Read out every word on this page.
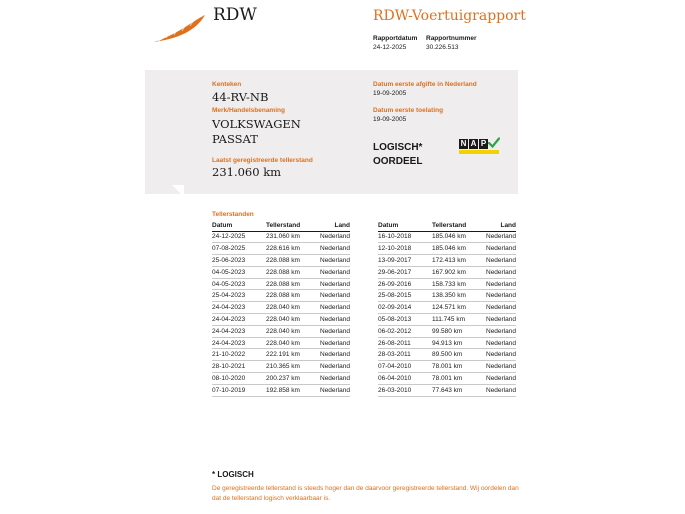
RDW	RDW-Voertuigrapport
Rapportdatum
24-12-2025
Rapportnummer
30.226.513
Kenteken
44-RV-NB
Merk/Handelsbenaming
VOLKSWAGEN
PASSAT
Laatst geregistreerde tellerstand
231.060 km
Datum eerste afgifte in Nederland
19-09-2005
Datum eerste toelating
19-09-2005
LOGISCH*
OORDEEL
N A P
Tellerstanden
Datum	Tellerstand	Land
24-12-2025	231.060 km	Nederland
07-08-2025	228.616 km	Nederland
25-06-2023	228.088 km	Nederland
04-05-2023	228.088 km	Nederland
04-05-2023	228.088 km	Nederland
25-04-2023	228.088 km	Nederland
24-04-2023	228.040 km	Nederland
24-04-2023	228.040 km	Nederland
24-04-2023	228.040 km	Nederland
24-04-2023	228.040 km	Nederland
21-10-2022	222.191 km	Nederland
28-10-2021	210.365 km	Nederland
08-10-2020	200.237 km	Nederland
07-10-2019	192.858 km	Nederland
Datum	Tellerstand	Land
16-10-2018	185.046 km	Nederland
12-10-2018	185.046 km	Nederland
13-09-2017	172.413 km	Nederland
29-06-2017	167.902 km	Nederland
26-09-2016	158.733 km	Nederland
25-08-2015	138.350 km	Nederland
02-09-2014	124.571 km	Nederland
05-08-2013	111.745 km	Nederland
06-02-2012	99.580 km	Nederland
26-08-2011	94.913 km	Nederland
28-03-2011	89.500 km	Nederland
07-04-2010	78.001 km	Nederland
06-04-2010	78.001 km	Nederland
26-03-2010	77.643 km	Nederland
* LOGISCH
De geregistreerde tellerstand is steeds hoger dan de daarvoor geregistreerde tellerstand. Wij oordelen dan dat de tellerstand logisch verklaarbaar is.
